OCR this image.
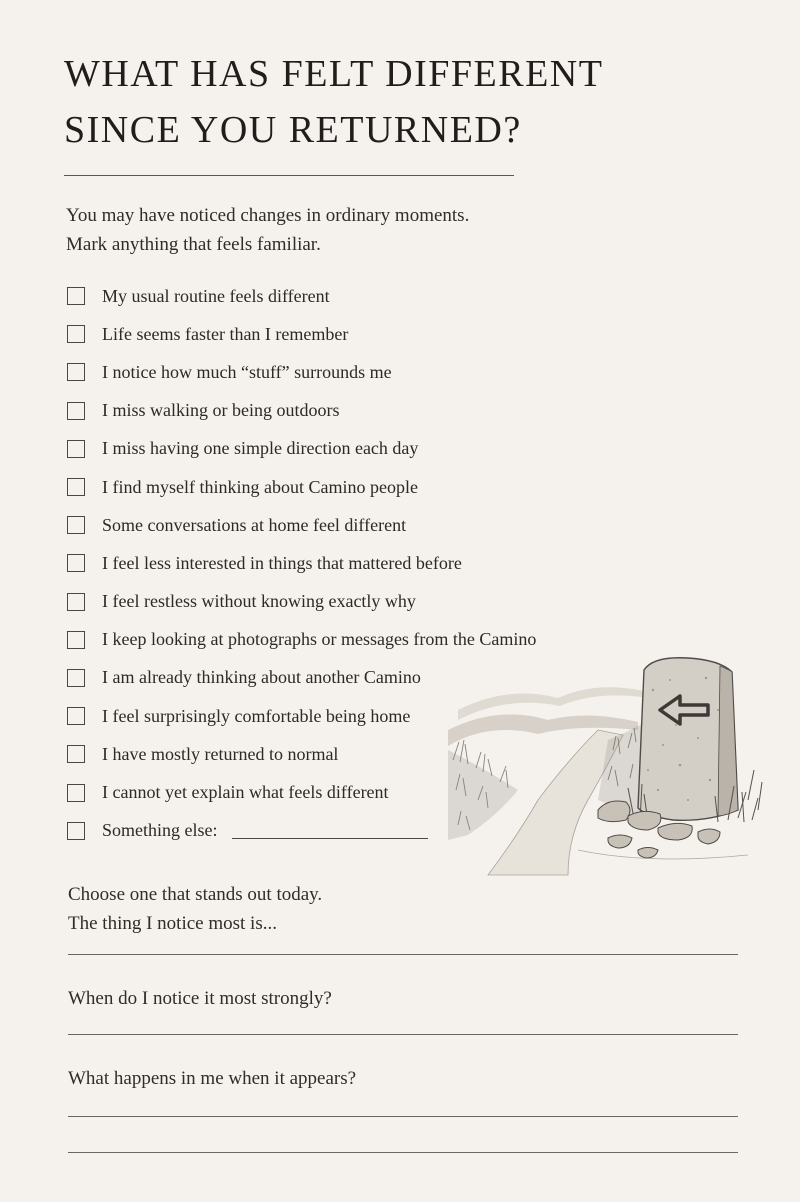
WHAT HAS FELT DIFFERENT
SINCE YOU RETURNED?
You may have noticed changes in ordinary moments.
Mark anything that feels familiar.
My usual routine feels different
Life seems faster than I remember
I notice how much “stuff” surrounds me
I miss walking or being outdoors
I miss having one simple direction each day
I find myself thinking about Camino people
Some conversations at home feel different
I feel less interested in things that mattered before
I feel restless without knowing exactly why
I keep looking at photographs or messages from the Camino
I am already thinking about another Camino
I feel surprisingly comfortable being home
I have mostly returned to normal
I cannot yet explain what feels different
Something else:
Choose one that stands out today.
The thing I notice most is...
When do I notice it most strongly?
What happens in me when it appears?
